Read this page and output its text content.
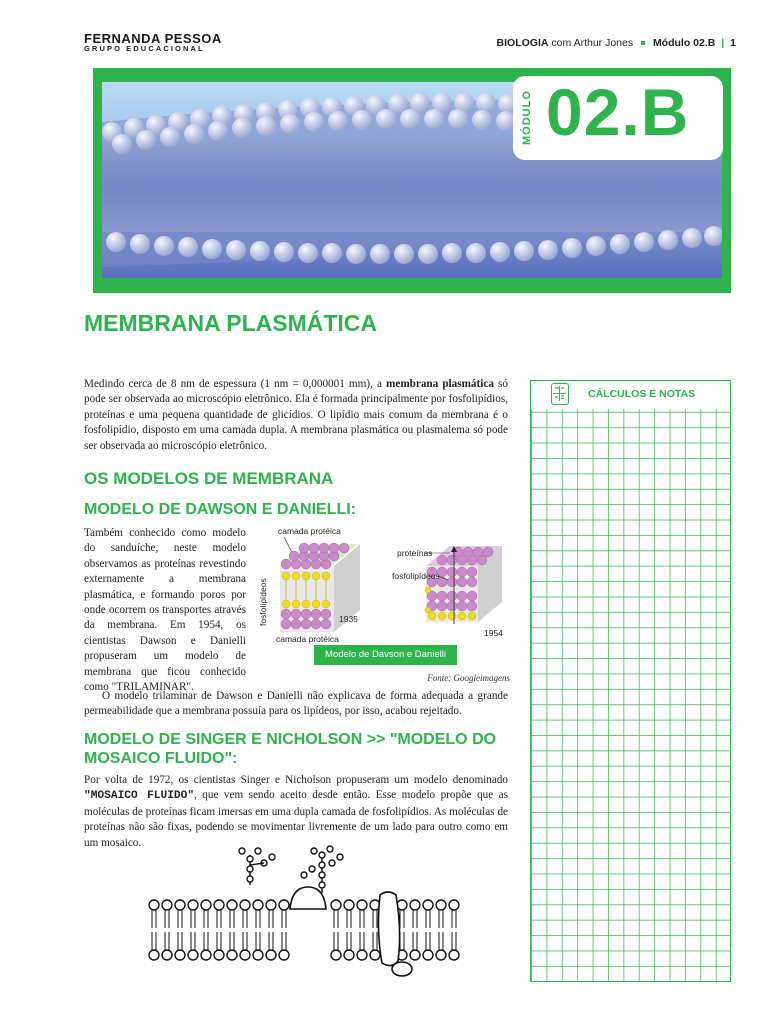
FERNANDA PESSOA
GRUPO EDUCACIONAL	BIOLOGIA com Arthur Jones Módulo 02.B | 1
MÓDULO 02.B
MEMBRANA PLASMÁTICA
Medindo cerca de 8 nm de espessura (1 nm = 0,000001 mm), a membrana plasmática só pode ser observada ao microscópio eletrônico. Ela é formada principalmente por fosfolipídios, proteínas e uma pequena quantidade de glicídios. O lipídio mais comum da membrana é o fosfolipídio, disposto em uma camada dupla. A membrana plasmática ou plasmalema só pode ser observada ao microscópio eletrônico.
OS MODELOS DE MEMBRANA
MODELO DE DAWSON E DANIELLI:
Também conhecido como modelo do sanduíche, neste modelo observamos as proteínas revestindo externamente a membrana plasmática, e formando poros por onde ocorrem os transportes através da membrana. Em 1954, os cientistas Dawson e Danielli propuseram um modelo de membrana que ficou conhecido como "TRILAMINAR".
camada protéica
fosfolipídeos	1935
camada protéica
proteínas
fosfolipídeos
1954
Modelo de Davson e Danielli
Fonte: Googleimagens
O modelo trilaminar de Dawson e Danielli não explicava de forma adequada a grande permeabilidade que a membrana possuía para os lipídeos, por isso, acabou rejeitado.
MODELO DE SINGER E NICHOLSON >> "MODELO DO MOSAICO FLUIDO":
Por volta de 1972, os cientistas Singer e Nicholson propuseram um modelo denominado "MOSAICO FLUIDO", que vem sendo aceito desde então. Esse modelo propõe que as moléculas de proteínas ficam imersas em uma dupla camada de fosfolipídios. As moléculas de proteínas não são fixas, podendo se movimentar livremente de um lado para outro como em um mosaico.
CÁLCULOS E NOTAS
